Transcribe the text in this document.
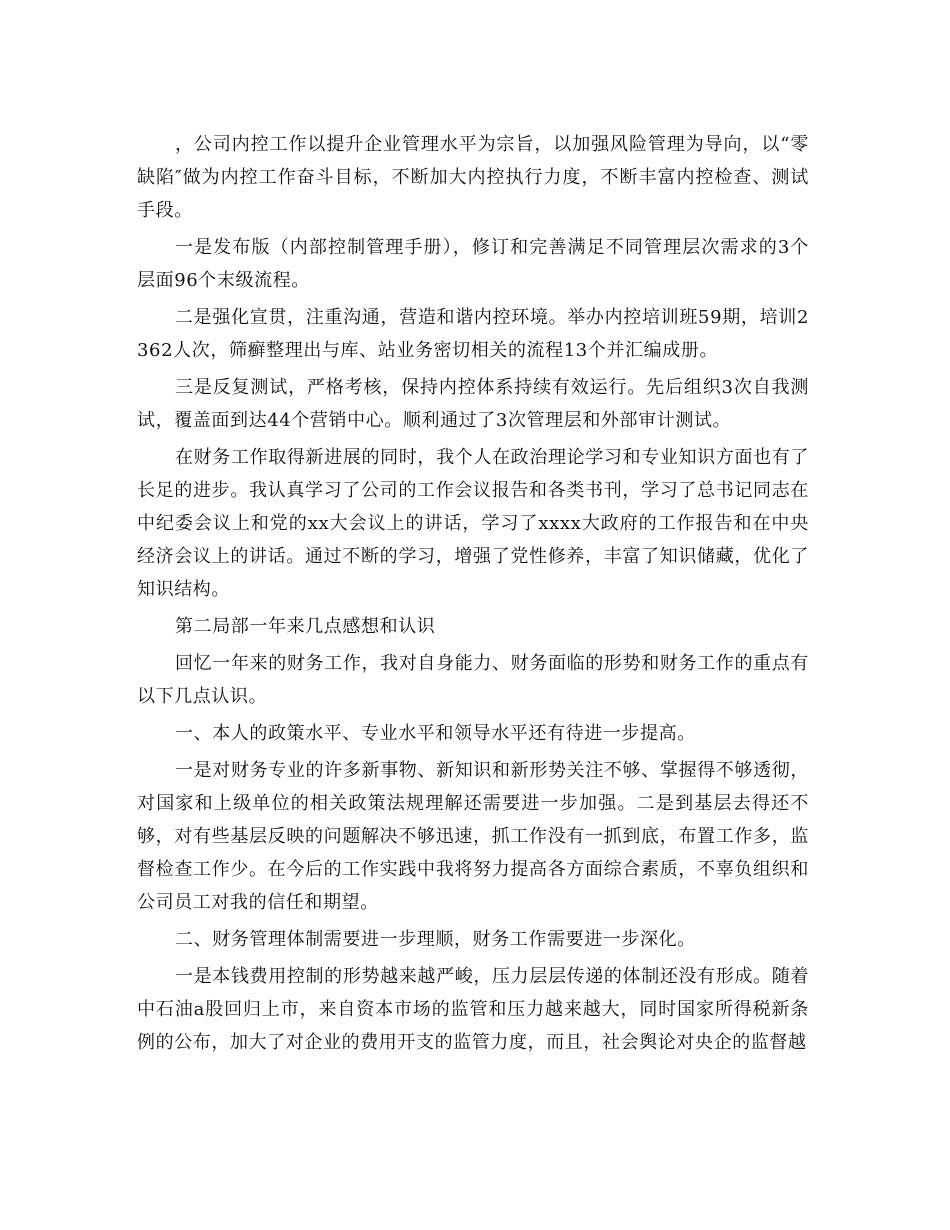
，公司内控工作以提升企业管理水平为宗旨，以加强风险管理为导向，以“零缺陷″做为内控工作奋斗目标，不断加大内控执行力度，不断丰富内控检查、测试手段。

一是发布版（内部控制管理手册），修订和完善满足不同管理层次需求的3个层面96个末级流程。

二是强化宣贯，注重沟通，营造和谐内控环境。举办内控培训班59期，培训2362人次，筛癣整理出与库、站业务密切相关的流程13个并汇编成册。

三是反复测试，严格考核，保持内控体系持续有效运行。先后组织3次自我测试，覆盖面到达44个营销中心。顺利通过了3次管理层和外部审计测试。

在财务工作取得新进展的同时，我个人在政治理论学习和专业知识方面也有了长足的进步。我认真学习了公司的工作会议报告和各类书刊，学习了总书记同志在中纪委会议上和党的xx大会议上的讲话，学习了xxxx大政府的工作报告和在中央经济会议上的讲话。通过不断的学习，增强了党性修养，丰富了知识储藏，优化了知识结构。

第二局部一年来几点感想和认识

回忆一年来的财务工作，我对自身能力、财务面临的形势和财务工作的重点有以下几点认识。

一、本人的政策水平、专业水平和领导水平还有待进一步提高。

一是对财务专业的许多新事物、新知识和新形势关注不够、掌握得不够透彻，对国家和上级单位的相关政策法规理解还需要进一步加强。二是到基层去得还不够，对有些基层反映的问题解决不够迅速，抓工作没有一抓到底，布置工作多，监督检查工作少。在今后的工作实践中我将努力提高各方面综合素质，不辜负组织和公司员工对我的信任和期望。

二、财务管理体制需要进一步理顺，财务工作需要进一步深化。

一是本钱费用控制的形势越来越严峻，压力层层传递的体制还没有形成。随着中石油a股回归上市，来自资本市场的监管和压力越来越大，同时国家所得税新条例的公布，加大了对企业的费用开支的监管力度，而且，社会舆论对央企的监督越
